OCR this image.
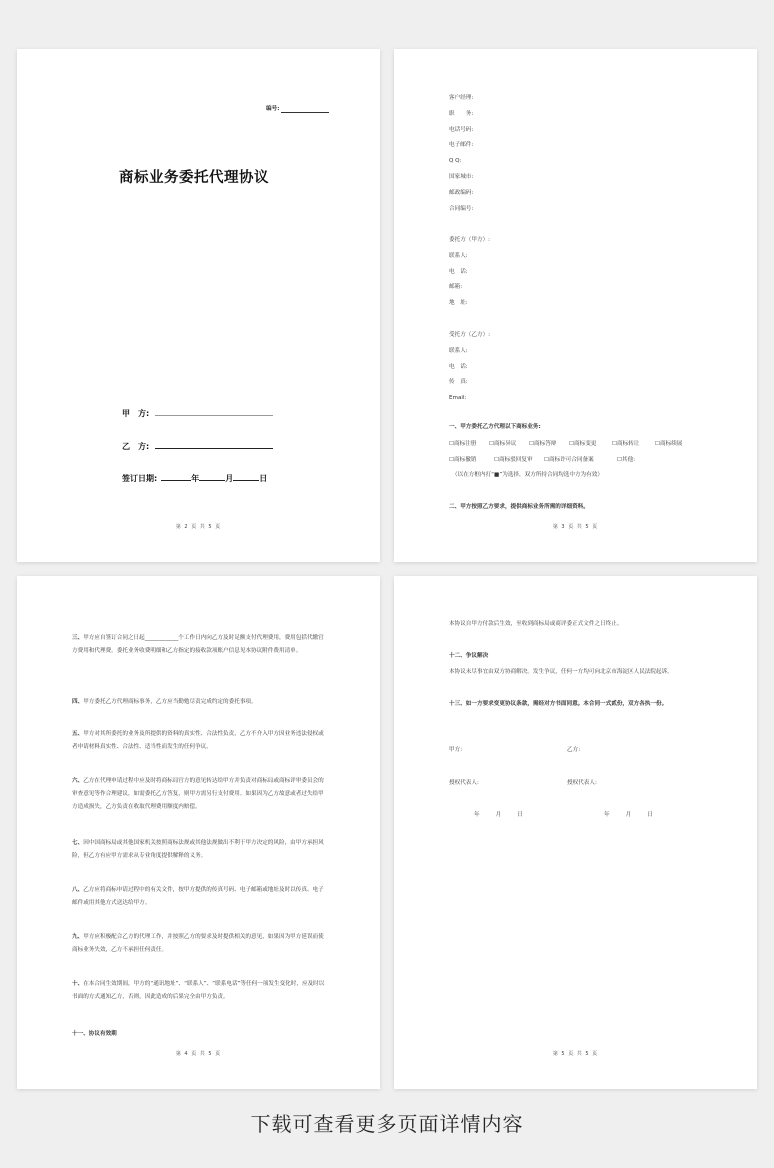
编号:
商标业务委托代理协议
甲　方:
乙　方:
签订日期:	年	月	日
第 2 页 共 5 页
客户经理:
职　　务:
电话号码:
电子邮件:
Q Q:
国家城市:
邮政编码:
合同编号:
委托方（甲方）:
联系人:
电　话:
邮箱:
地　址:
受托方（乙方）:
联系人:
电　话:
传　真:
Email:
一、甲方委托乙方代理以下商标业务:
☐商标注册 ☐商标异议 ☐商标答辩 ☐商标变更	☐商标转让	☐商标续展
☐商标撤销	☐商标驳回复审 ☐商标许可合同备案	☐其他:
（以在方框内打“■”为选择，双方所持合同均选中方为有效）
二、甲方按照乙方要求，提供商标业务所需的详细资料。
第 3 页 共 5 页
三、甲方应自签订合同之日起____________个工作日内向乙方及时足额支付代理费用，费用包括代缴官方费用和代理费。委托业务收费明细和乙方指定的接收款项账户信息见本协议附件费用清单。
四、甲方委托乙方代理商标事务，乙方应当勤勉尽责完成约定的委托事项。
五、甲方对其所委托的业务及所提供的资料的真实性、合法性负责，乙方不介入甲方因业务违法侵权或者申请材料真实性、合法性、适当性而发生的任何争议。
六、乙方在代理申请过程中应及时将商标局官方的意见转达给甲方并负责对商标局或商标评审委员会的审查意见等作合理建议，如需委托乙方答复，则甲方需另行支付费用。如果因为乙方故意或者过失给甲方造成损失，乙方负责在收取代理费用额度内赔偿。
七、因中国商标局或其他国家机关按照商标法规或其他法规做出不利于甲方决定的风险，由甲方承担风险，但乙方有应甲方需求从专业角度提供解释的义务。
八、乙方应将商标申请过程中的有关文件，按甲方提供的传真号码、电子邮箱或地址及时以传真、电子邮件或用其他方式送达给甲方。
九、甲方应积极配合乙方的代理工作，并按照乙方的要求及时提供相关的意见，如果因为甲方延误而使商标业务失效，乙方不承担任何责任。
十、在本合同生效期间，甲方的“通讯地址”、“联系人”、“联系电话”等任何一项发生变化时，应及时以书面的方式通知乙方，否则，因此造成的后果完全由甲方负责。
十一、协议有效期
第 4 页 共 5 页
本协议自甲方付款后生效，至收到商标局或商评委正式文件之日终止。
十二、争议解决
本协议未尽事宜由双方协商解决。发生争议，任何一方均可向北京市海淀区人民法院起诉。
十三、如一方要求变更协议条款，需经对方书面同意。本合同一式贰份，双方各执一份。
甲方:	乙方:
授权代表人:	授权代表人:
年	月	日	年	月	日
第 5 页 共 5 页
下载可查看更多页面详情内容
